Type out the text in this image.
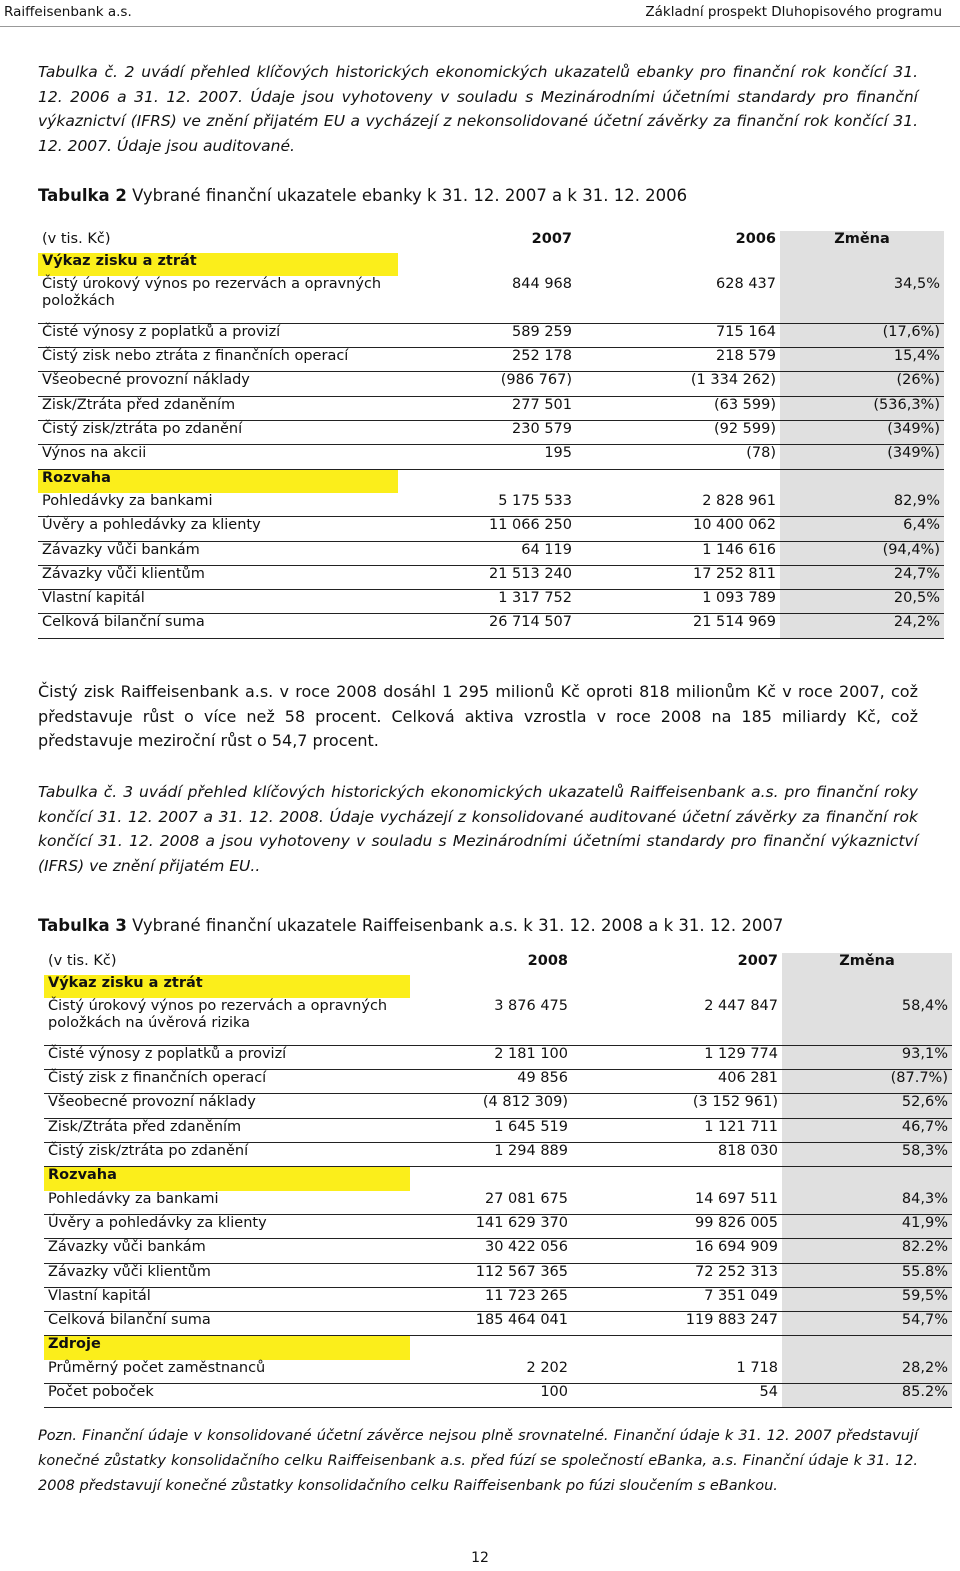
Raiffeisenbank a.s.	Základní prospekt Dluhopisového programu

Tabulka č. 2 uvádí přehled klíčových historických ekonomických ukazatelů ebanky pro finanční rok končící 31. 12. 2006 a 31. 12. 2007. Údaje jsou vyhotoveny v souladu s Mezinárodními účetními standardy pro finanční výkaznictví (IFRS) ve znění přijatém EU a vycházejí z nekonsolidované účetní závěrky za finanční rok končící 31. 12. 2007. Údaje jsou auditované.

Tabulka 2 Vybrané finanční ukazatele ebanky k 31. 12. 2007 a k 31. 12. 2006
(v tis. Kč)	2007	2006	Změna
Výkaz zisku a ztrát			
Čistý úrokový výnos po rezervách a opravných položkách	844 968	628 437	34,5%
Čisté výnosy z poplatků a provizí	589 259	715 164	(17,6%)
Čistý zisk nebo ztráta z finančních operací	252 178	218 579	15,4%
Všeobecné provozní náklady	(986 767)	(1 334 262)	(26%)
Zisk/Ztráta před zdaněním	277 501	(63 599)	(536,3%)
Čistý zisk/ztráta po zdanění	230 579	(92 599)	(349%)
Výnos na akcii	195	(78)	(349%)
Rozvaha			
Pohledávky za bankami	5 175 533	2 828 961	82,9%
Úvěry a pohledávky za klienty	11 066 250	10 400 062	6,4%
Závazky vůči bankám	64 119	1 146 616	(94,4%)
Závazky vůči klientům	21 513 240	17 252 811	24,7%
Vlastní kapitál	1 317 752	1 093 789	20,5%
Celková bilanční suma	26 714 507	21 514 969	24,2%

Čistý zisk Raiffeisenbank a.s. v roce 2008 dosáhl 1 295 milionů Kč oproti 818 milionům Kč v roce 2007, což představuje růst o více než 58 procent. Celková aktiva vzrostla v roce 2008 na 185 miliardy Kč, což představuje meziroční růst o 54,7 procent.

Tabulka č. 3 uvádí přehled klíčových historických ekonomických ukazatelů Raiffeisenbank a.s. pro finanční roky končící 31. 12. 2007 a 31. 12. 2008. Údaje vycházejí z konsolidované auditované účetní závěrky za finanční rok končící 31. 12. 2008 a jsou vyhotoveny v souladu s Mezinárodními účetními standardy pro finanční výkaznictví (IFRS) ve znění přijatém EU..

Tabulka 3 Vybrané finanční ukazatele Raiffeisenbank a.s. k 31. 12. 2008 a k 31. 12. 2007
(v tis. Kč)	2008	2007	Změna
Výkaz zisku a ztrát			
Čistý úrokový výnos po rezervách a opravných položkách na úvěrová rizika	3 876 475	2 447 847	58,4%
Čisté výnosy z poplatků a provizí	2 181 100	1 129 774	93,1%
Čistý zisk z finančních operací	49 856	406 281	(87.7%)
Všeobecné provozní náklady	(4 812 309)	(3 152 961)	52,6%
Zisk/Ztráta před zdaněním	1 645 519	1 121 711	46,7%
Čistý zisk/ztráta po zdanění	1 294 889	818 030	58,3%
Rozvaha			
Pohledávky za bankami	27 081 675	14 697 511	84,3%
Úvěry a pohledávky za klienty	141 629 370	99 826 005	41,9%
Závazky vůči bankám	30 422 056	16 694 909	82.2%
Závazky vůči klientům	112 567 365	72 252 313	55.8%
Vlastní kapitál	11 723 265	7 351 049	59,5%
Celková bilanční suma	185 464 041	119 883 247	54,7%
Zdroje			
Průměrný počet zaměstnanců	2 202	1 718	28,2%
Počet poboček	100	54	85.2%

Pozn. Finanční údaje v konsolidované účetní závěrce nejsou plně srovnatelné. Finanční údaje k 31. 12. 2007 představují konečné zůstatky konsolidačního celku Raiffeisenbank a.s. před fúzí se společností eBanka, a.s. Finanční údaje k 31. 12. 2008 představují konečné zůstatky konsolidačního celku Raiffeisenbank po fúzi sloučením s eBankou.

12
